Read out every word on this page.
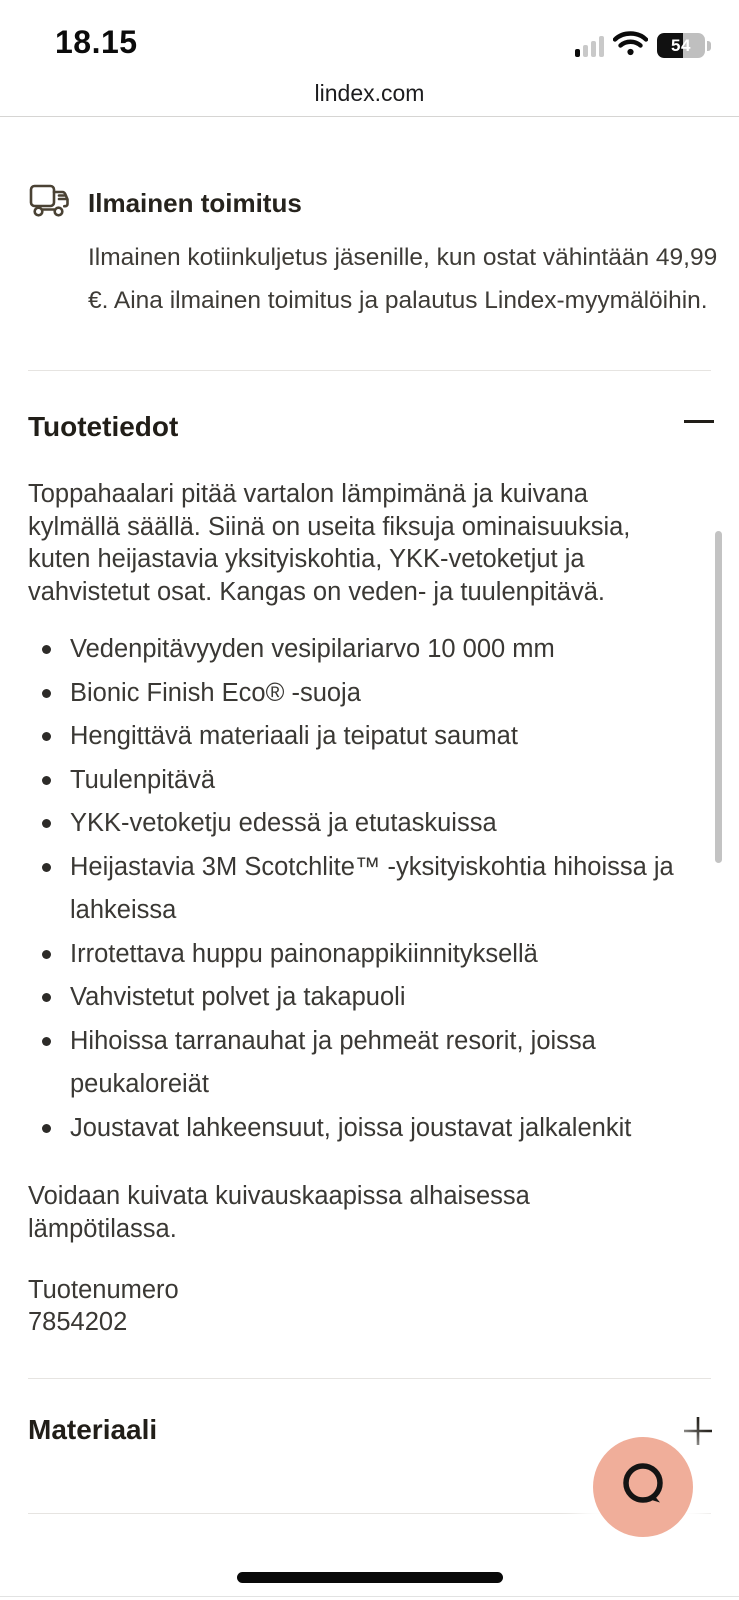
18.15	54
lindex.com
Ilmainen toimitus
Ilmainen kotiinkuljetus jäsenille, kun ostat vähintään 49,99
€. Aina ilmainen toimitus ja palautus Lindex-myymälöihin.
Tuotetiedot
Toppahaalari pitää vartalon lämpimänä ja kuivana
kylmällä säällä. Siinä on useita fiksuja ominaisuuksia,
kuten heijastavia yksityiskohtia, YKK-vetoketjut ja
vahvistetut osat. Kangas on veden- ja tuulenpitävä.
Vedenpitävyyden vesipilariarvo 10 000 mm
Bionic Finish Eco® -suoja
Hengittävä materiaali ja teipatut saumat
Tuulenpitävä
YKK-vetoketju edessä ja etutaskuissa
Heijastavia 3M Scotchlite™ -yksityiskohtia hihoissa ja
lahkeissa
Irrotettava huppu painonappikiinnityksellä
Vahvistetut polvet ja takapuoli
Hihoissa tarranauhat ja pehmeät resorit, joissa
peukaloreiät
Joustavat lahkeensuut, joissa joustavat jalkalenkit
Voidaan kuivata kuivauskaapissa alhaisessa
lämpötilassa.
Tuotenumero
7854202
Materiaali
